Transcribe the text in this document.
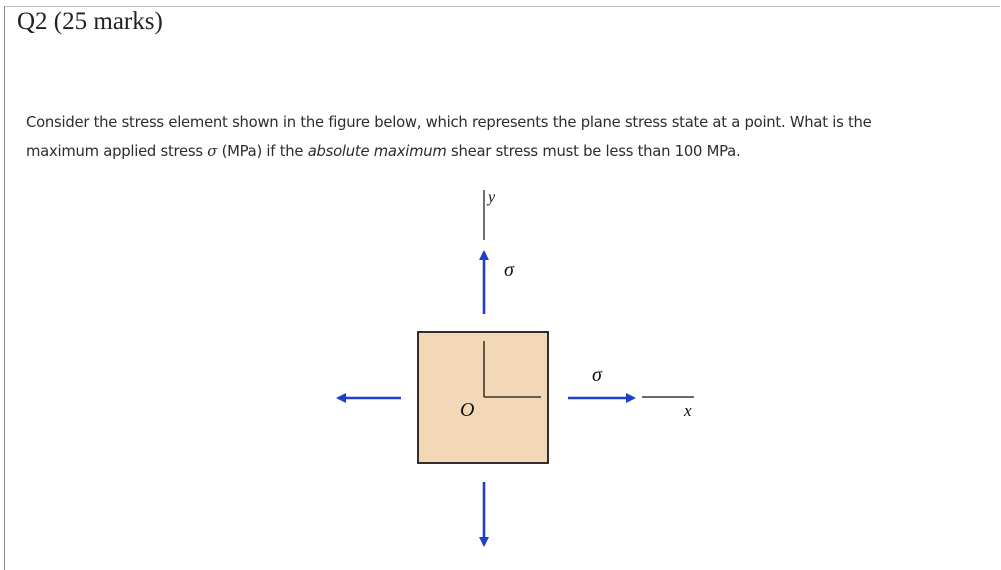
Q2 (25 marks)
Consider the stress element shown in the figure below, which represents the plane stress state at a point. What is the
maximum applied stress σ (MPa) if the absolute maximum shear stress must be less than 100 MPa.
y
σ
O
σ
x
